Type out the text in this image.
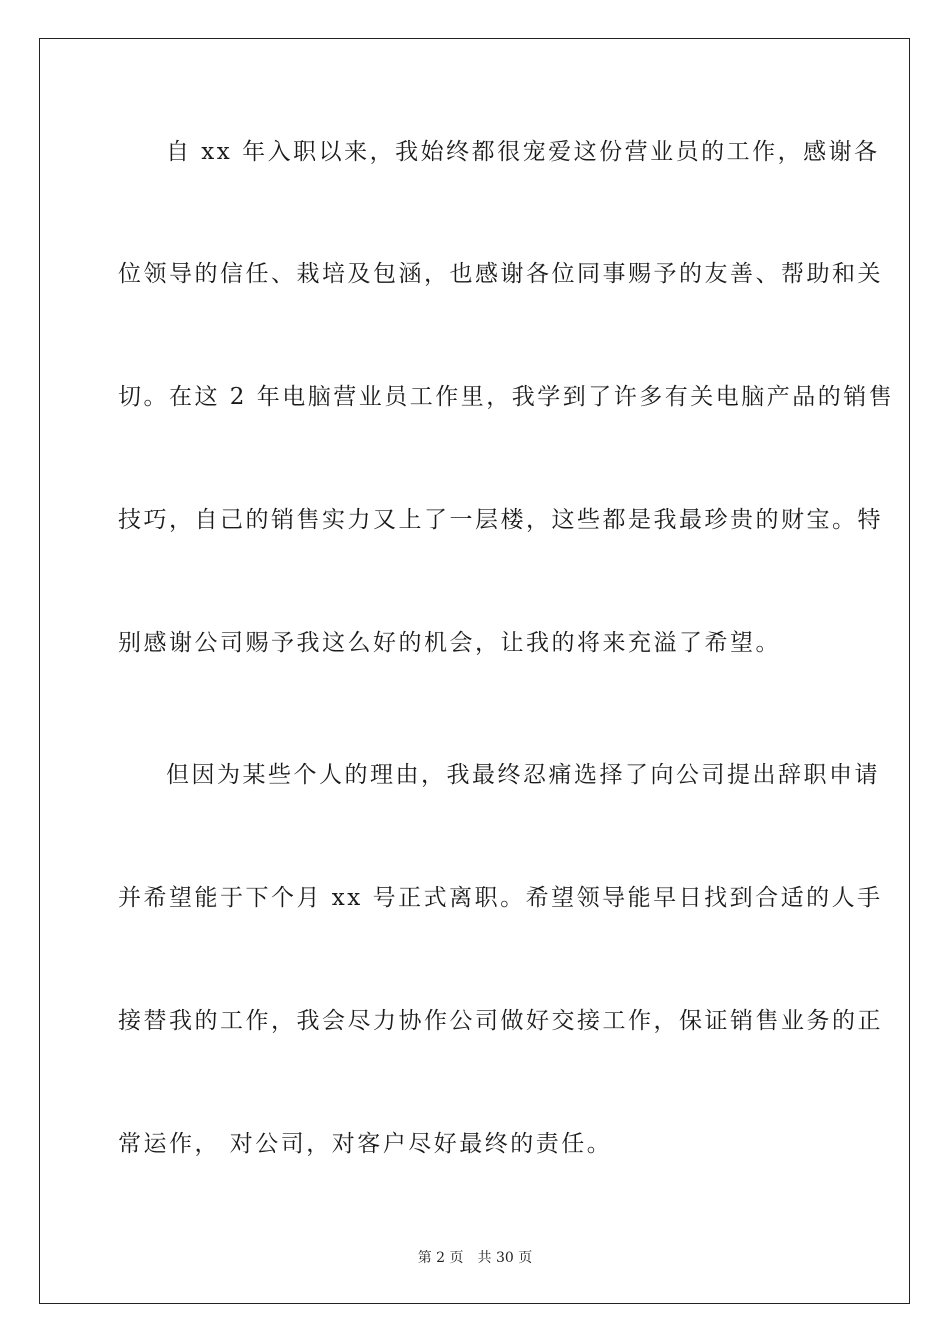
自 xx 年入职以来，我始终都很宠爱这份营业员的工作，感谢各
位领导的信任、栽培及包涵，也感谢各位同事赐予的友善、帮助和关
切。在这 2 年电脑营业员工作里，我学到了许多有关电脑产品的销售
技巧，自己的销售实力又上了一层楼，这些都是我最珍贵的财宝。特
别感谢公司赐予我这么好的机会，让我的将来充溢了希望。
但因为某些个人的理由，我最终忍痛选择了向公司提出辞职申请
并希望能于下个月 xx 号正式离职。希望领导能早日找到合适的人手
接替我的工作，我会尽力协作公司做好交接工作，保证销售业务的正
常运作， 对公司，对客户尽好最终的责任。
第 2 页 共 30 页
